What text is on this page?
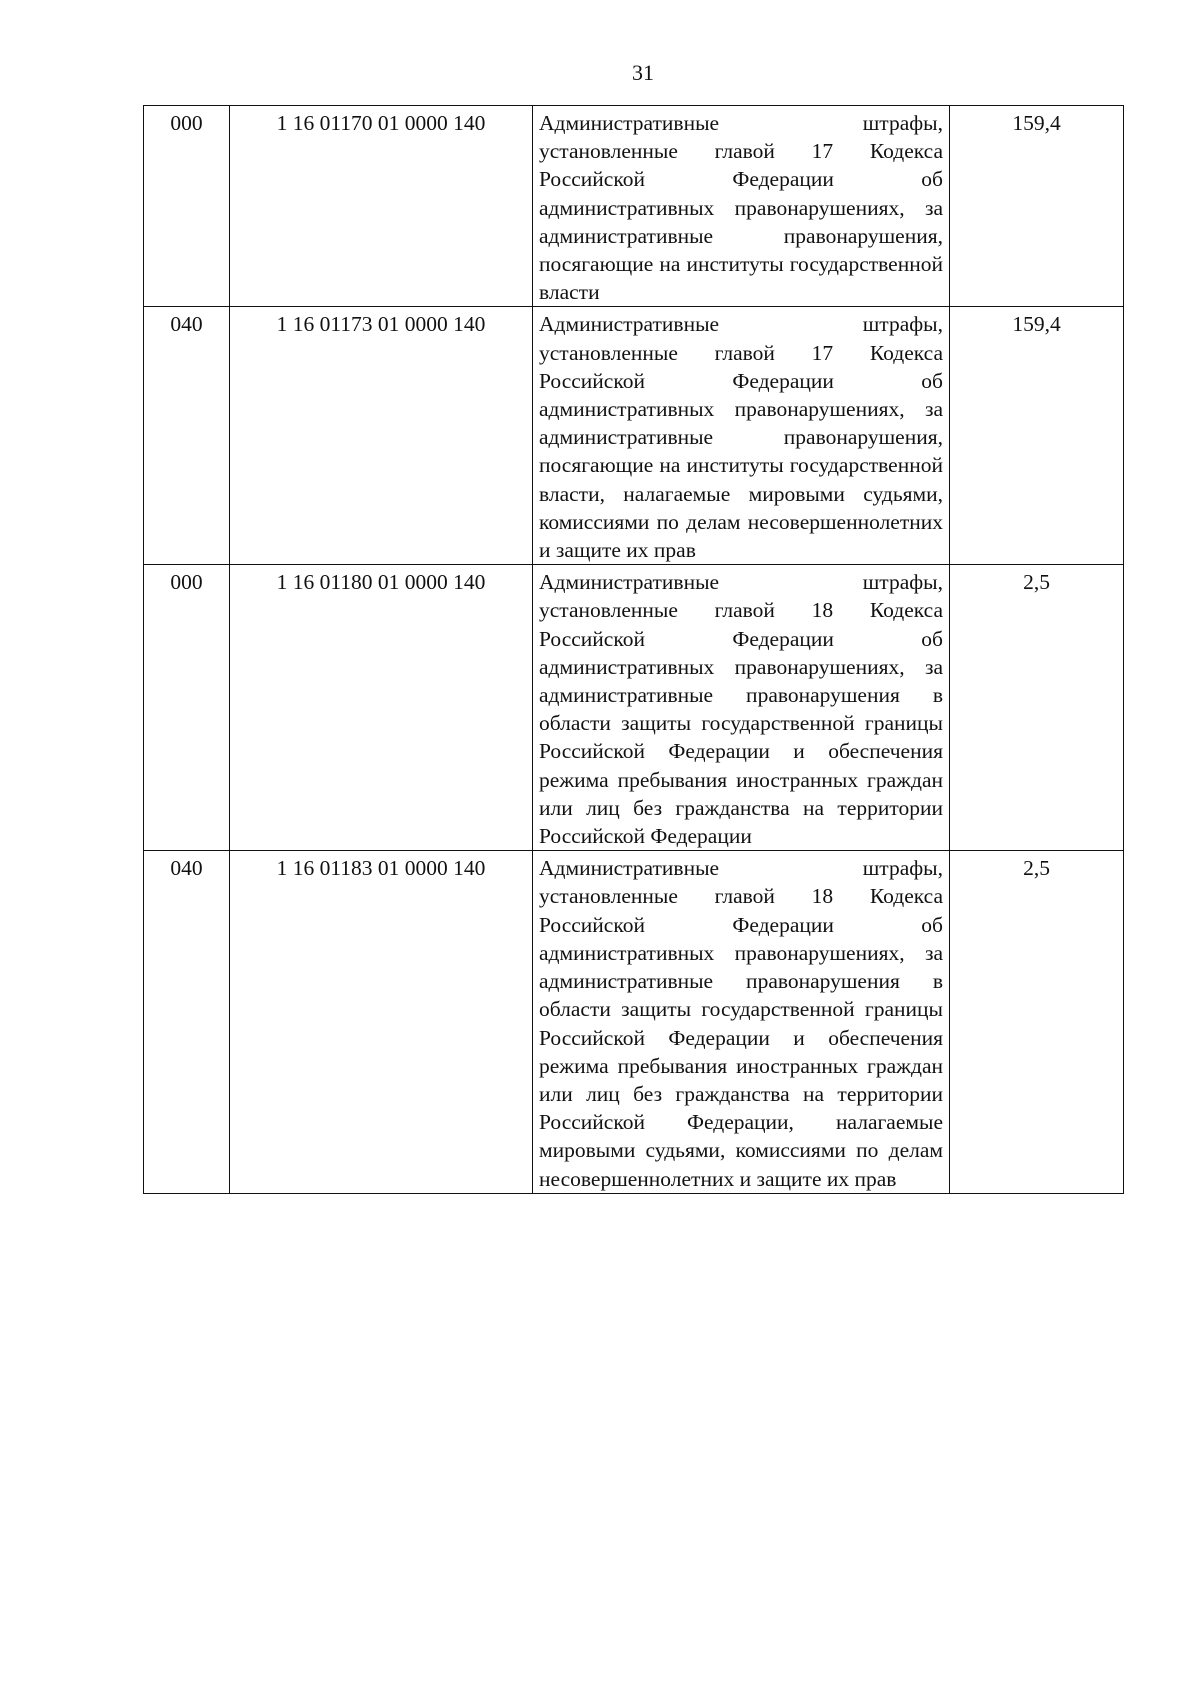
31
000	1 16 01170 01 0000 140	Административные штрафы, установленные главой 17 Кодекса Российской Федерации об административных правонарушениях, за административные правонарушения, посягающие на институты государственной власти	159,4
040	1 16 01173 01 0000 140	Административные штрафы, установленные главой 17 Кодекса Российской Федерации об административных правонарушениях, за административные правонарушения, посягающие на институты государственной власти, налагаемые мировыми судьями, комиссиями по делам несовершеннолетних и защите их прав	159,4
000	1 16 01180 01 0000 140	Административные штрафы, установленные главой 18 Кодекса Российской Федерации об административных правонарушениях, за административные правонарушения в области защиты государственной границы Российской Федерации и обеспечения режима пребывания иностранных граждан или лиц без гражданства на территории Российской Федерации	2,5
040	1 16 01183 01 0000 140	Административные штрафы, установленные главой 18 Кодекса Российской Федерации об административных правонарушениях, за административные правонарушения в области защиты государственной границы Российской Федерации и обеспечения режима пребывания иностранных граждан или лиц без гражданства на территории Российской Федерации, налагаемые мировыми судьями, комиссиями по делам несовершеннолетних и защите их прав	2,5
